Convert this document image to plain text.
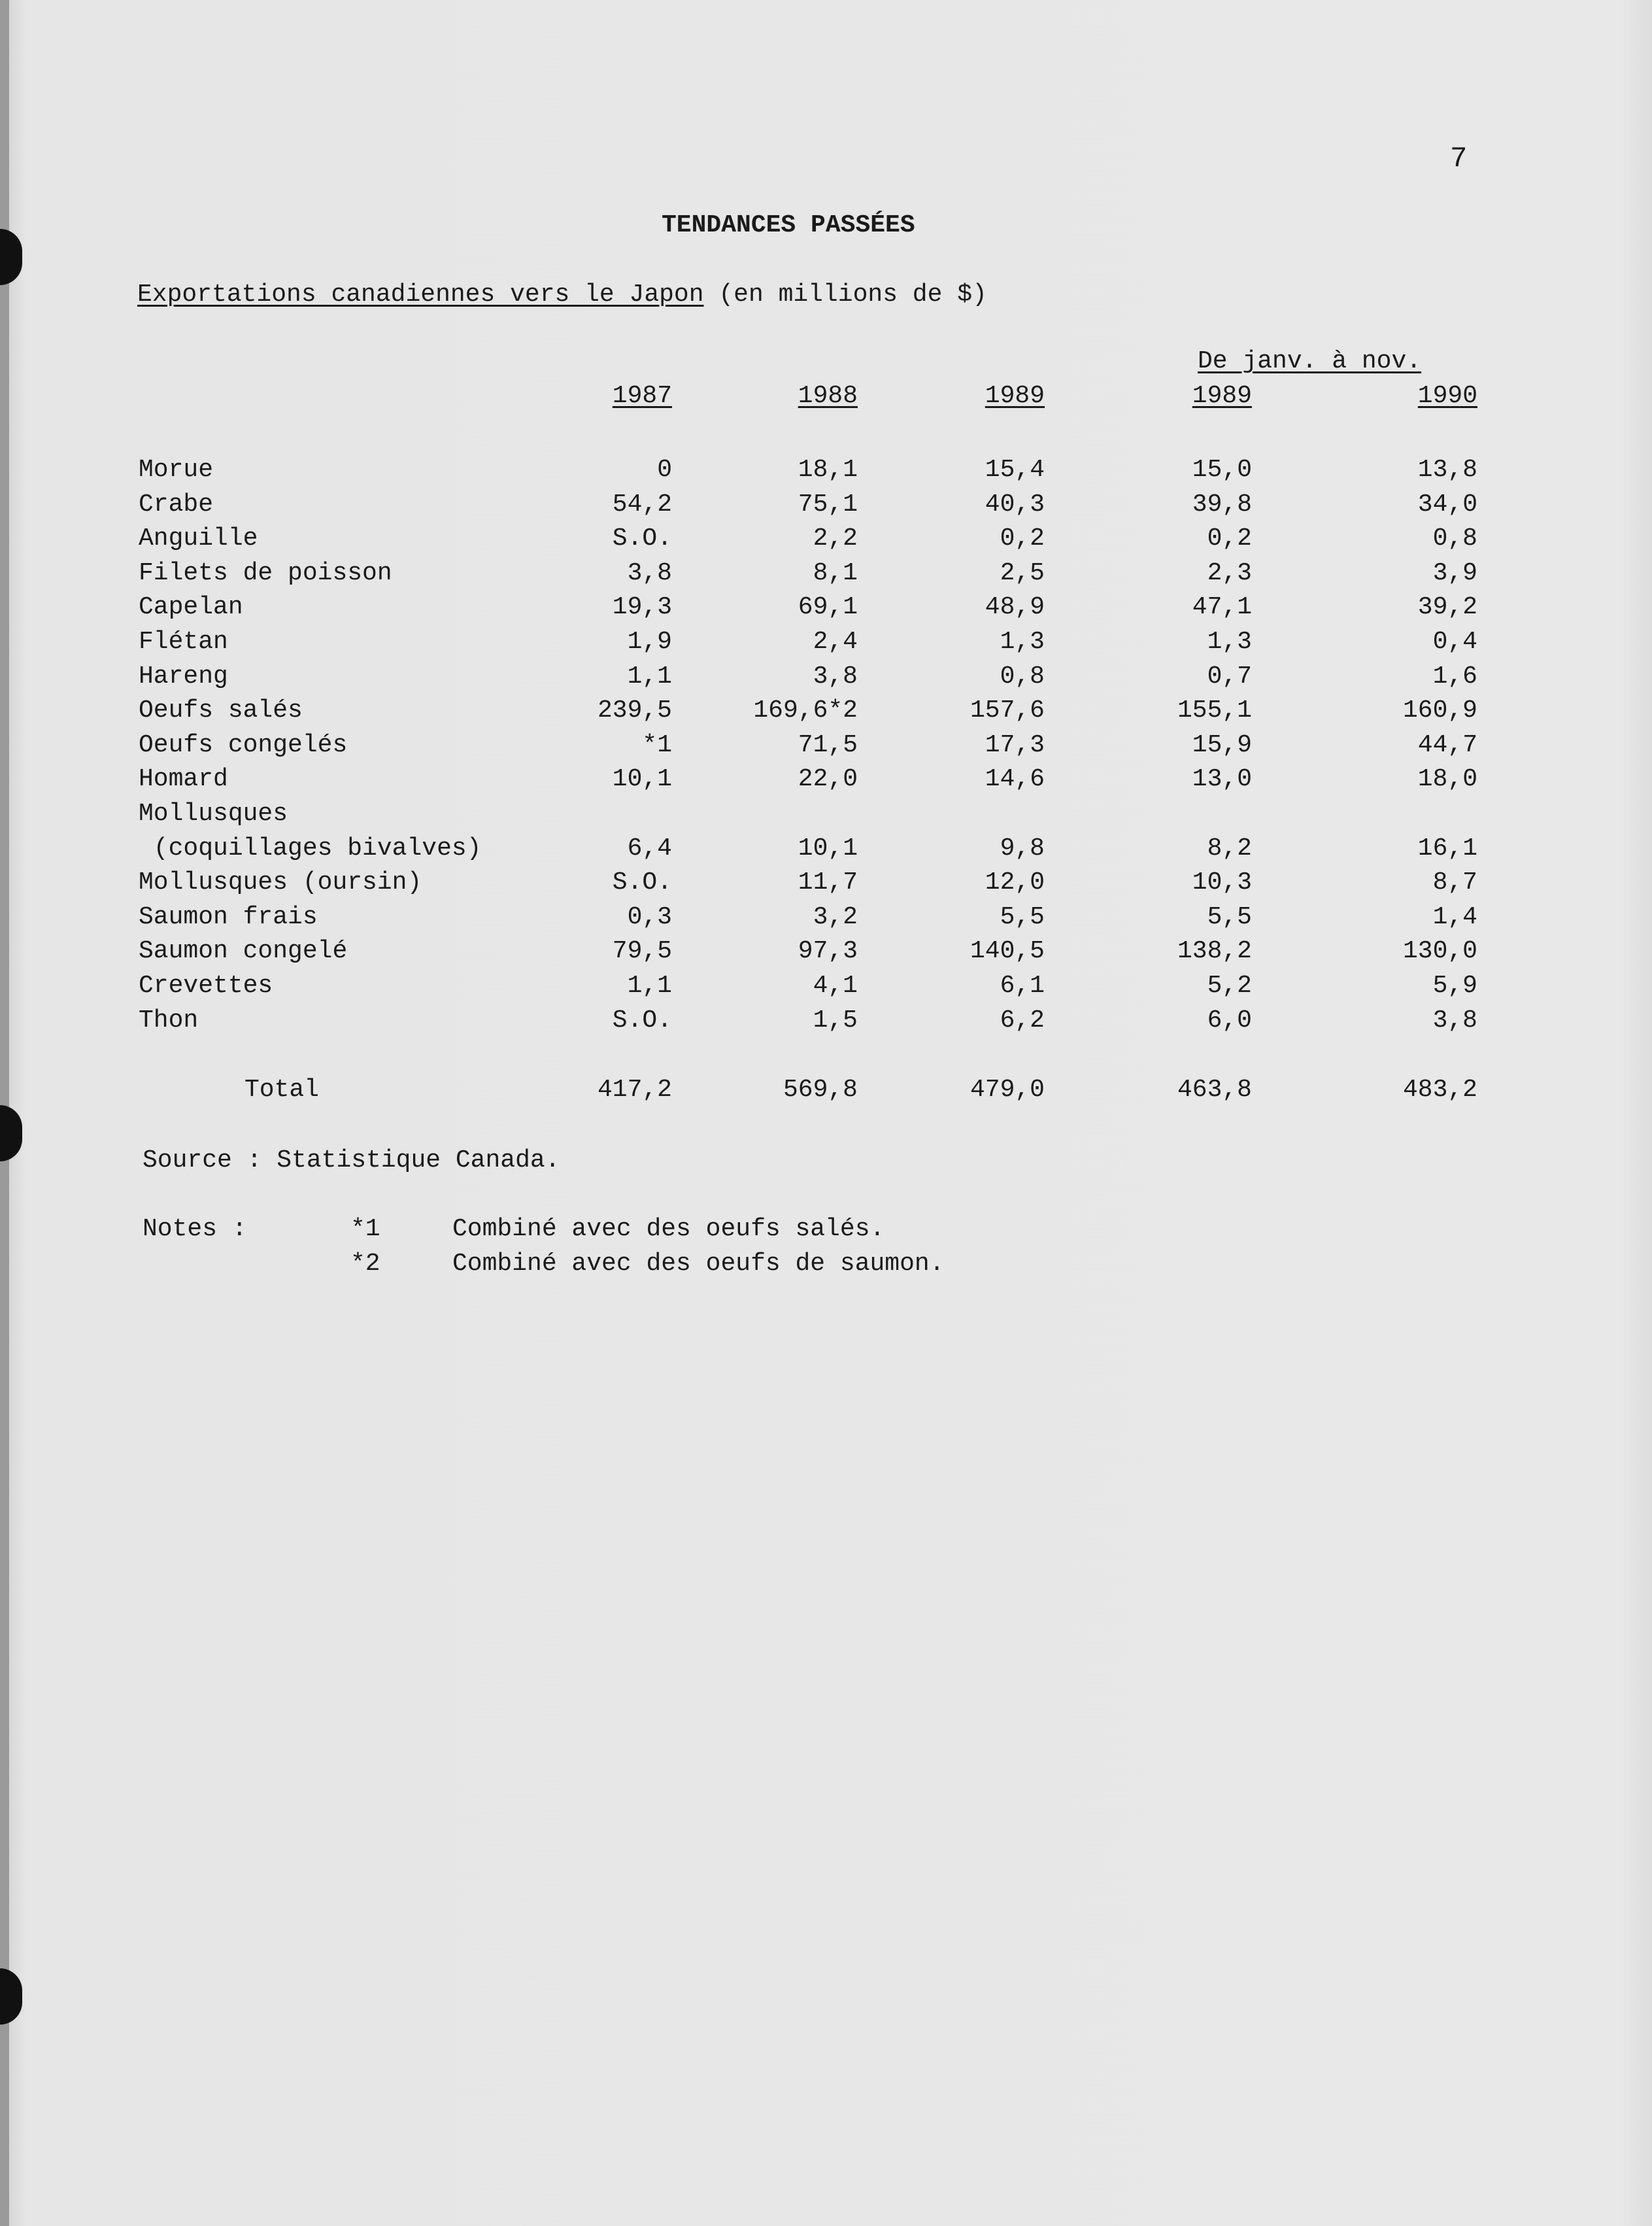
7
TENDANCES PASSÉES
Exportations canadiennes vers le Japon (en millions de $)
De janv. à nov.
1987	1988	1989	1989	1990
Morue	0	18,1	15,4	15,0	13,8
Crabe	54,2	75,1	40,3	39,8	34,0
Anguille	S.O.	2,2	0,2	0,2	0,8
Filets de poisson	3,8	8,1	2,5	2,3	3,9
Capelan	19,3	69,1	48,9	47,1	39,2
Flétan	1,9	2,4	1,3	1,3	0,4
Hareng	1,1	3,8	0,8	0,7	1,6
Oeufs salés	239,5	169,6*2	157,6	155,1	160,9
Oeufs congelés	*1	71,5	17,3	15,9	44,7
Homard	10,1	22,0	14,6	13,0	18,0
Mollusques
(coquillages bivalves)	6,4	10,1	9,8	8,2	16,1
Mollusques (oursin)	S.O.	11,7	12,0	10,3	8,7
Saumon frais	0,3	3,2	5,5	5,5	1,4
Saumon congelé	79,5	97,3	140,5	138,2	130,0
Crevettes	1,1	4,1	6,1	5,2	5,9
Thon	S.O.	1,5	6,2	6,0	3,8
Total	417,2	569,8	479,0	463,8	483,2
Source : Statistique Canada.
Notes :	*1	Combiné avec des oeufs salés.
*2	Combiné avec des oeufs de saumon.
